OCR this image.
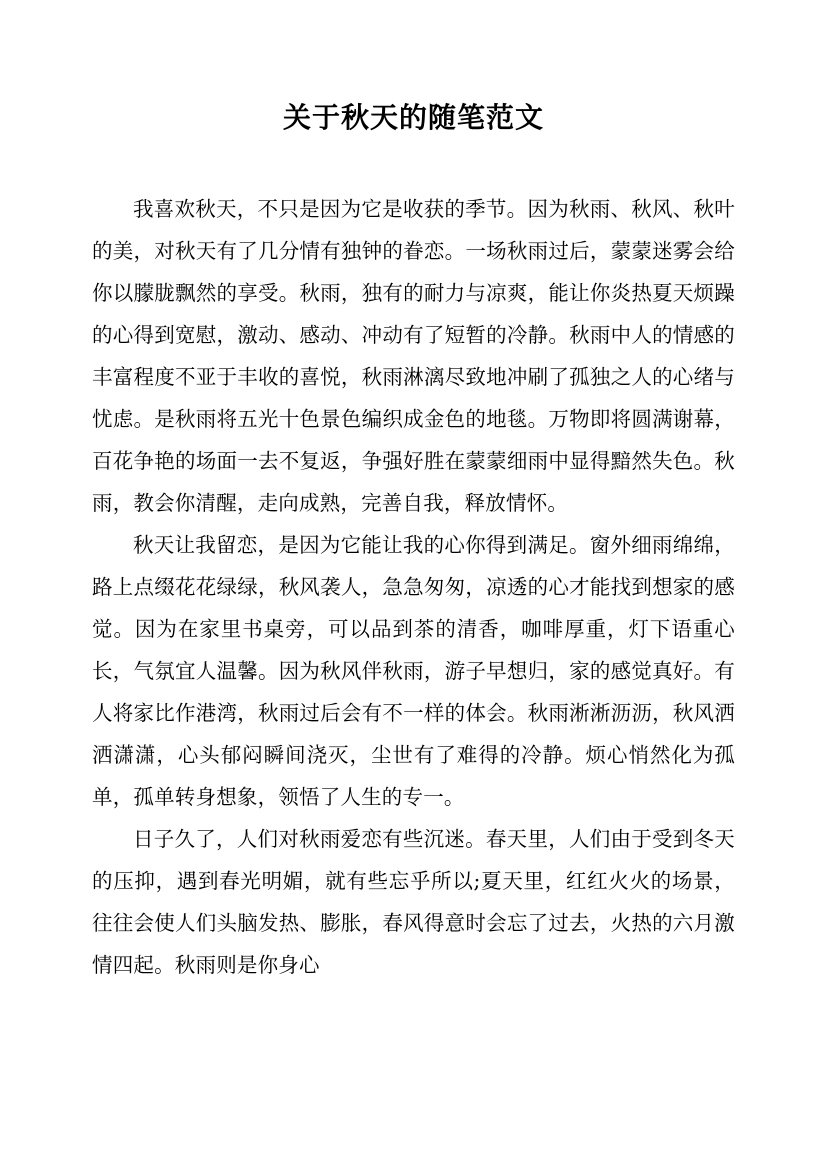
关于秋天的随笔范文

我喜欢秋天，不只是因为它是收获的季节。因为秋雨、秋风、秋叶的美，对秋天有了几分情有独钟的眷恋。一场秋雨过后，蒙蒙迷雾会给你以朦胧飘然的享受。秋雨，独有的耐力与凉爽，能让你炎热夏天烦躁的心得到宽慰，激动、感动、冲动有了短暂的冷静。秋雨中人的情感的丰富程度不亚于丰收的喜悦，秋雨淋漓尽致地冲刷了孤独之人的心绪与忧虑。是秋雨将五光十色景色编织成金色的地毯。万物即将圆满谢幕，百花争艳的场面一去不复返，争强好胜在蒙蒙细雨中显得黯然失色。秋雨，教会你清醒，走向成熟，完善自我，释放情怀。

秋天让我留恋，是因为它能让我的心你得到满足。窗外细雨绵绵，路上点缀花花绿绿，秋风袭人，急急匆匆，凉透的心才能找到想家的感觉。因为在家里书桌旁，可以品到茶的清香，咖啡厚重，灯下语重心长，气氛宜人温馨。因为秋风伴秋雨，游子早想归，家的感觉真好。有人将家比作港湾，秋雨过后会有不一样的体会。秋雨淅淅沥沥，秋风洒洒潇潇，心头郁闷瞬间浇灭，尘世有了难得的冷静。烦心悄然化为孤单，孤单转身想象，领悟了人生的专一。

日子久了，人们对秋雨爱恋有些沉迷。春天里，人们由于受到冬天的压抑，遇到春光明媚，就有些忘乎所以;夏天里，红红火火的场景，往往会使人们头脑发热、膨胀，春风得意时会忘了过去，火热的六月激情四起。秋雨则是你身心
